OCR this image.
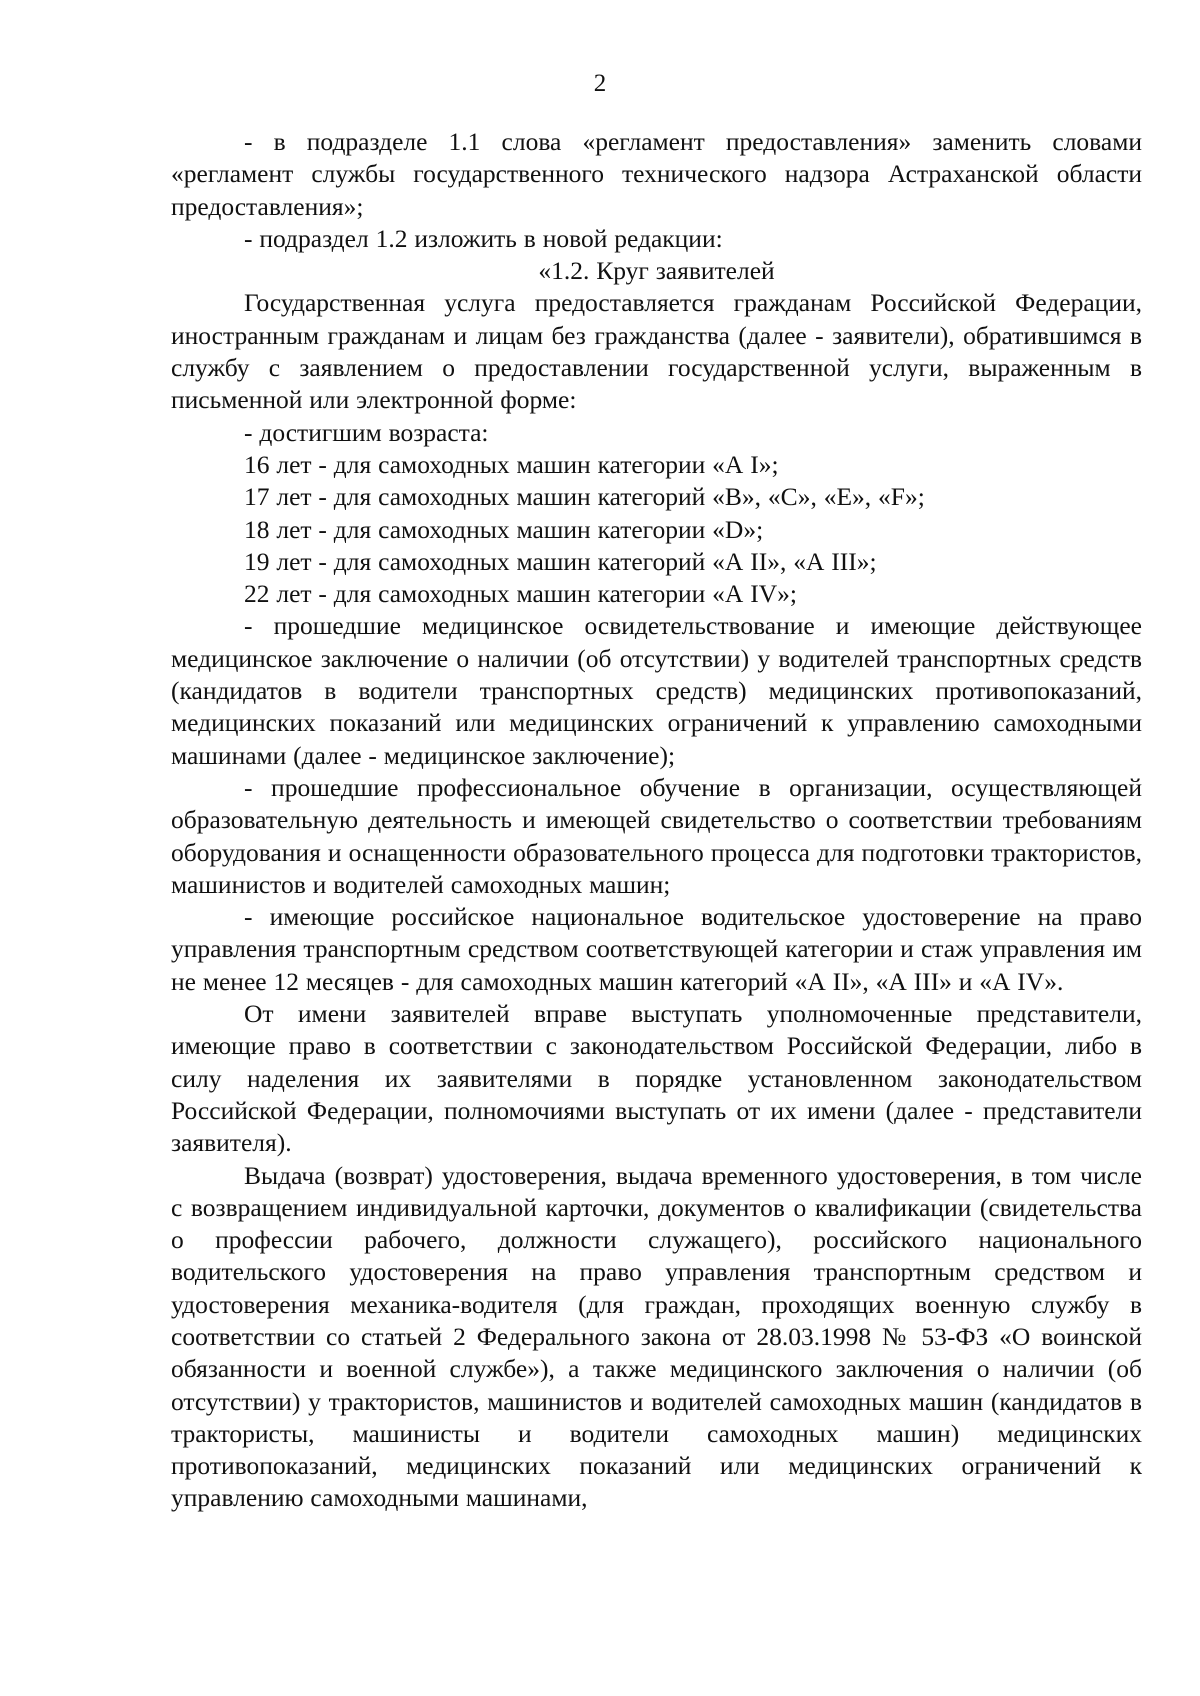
2

- в подразделе 1.1 слова «регламент предоставления» заменить словами «регламент службы государственного технического надзора Астраханской области предоставления»;

- подраздел 1.2 изложить в новой редакции:

«1.2. Круг заявителей

Государственная услуга предоставляется гражданам Российской Федерации, иностранным гражданам и лицам без гражданства (далее - заявители), обратившимся в службу с заявлением о предоставлении государственной услуги, выраженным в письменной или электронной форме:

- достигшим возраста:

16 лет - для самоходных машин категории «А I»;

17 лет - для самоходных машин категорий «В», «С», «Е», «F»;

18 лет - для самоходных машин категории «D»;

19 лет - для самоходных машин категорий «А II», «А III»;

22 лет - для самоходных машин категории «А IV»;

- прошедшие медицинское освидетельствование и имеющие действующее медицинское заключение о наличии (об отсутствии) у водителей транспортных средств (кандидатов в водители транспортных средств) медицинских противопоказаний, медицинских показаний или медицинских ограничений к управлению самоходными машинами (далее - медицинское заключение);

- прошедшие профессиональное обучение в организации, осуществляющей образовательную деятельность и имеющей свидетельство о соответствии требованиям оборудования и оснащенности образовательного процесса для подготовки трактористов, машинистов и водителей самоходных машин;

- имеющие российское национальное водительское удостоверение на право управления транспортным средством соответствующей категории и стаж управления им не менее 12 месяцев - для самоходных машин категорий «А II», «А III» и «А IV».

От имени заявителей вправе выступать уполномоченные представители, имеющие право в соответствии с законодательством Российской Федерации, либо в силу наделения их заявителями в порядке установленном законодательством Российской Федерации, полномочиями выступать от их имени (далее - представители заявителя).

Выдача (возврат) удостоверения, выдача временного удостоверения, в том числе с возвращением индивидуальной карточки, документов о квалификации (свидетельства о профессии рабочего, должности служащего), российского национального водительского удостоверения на право управления транспортным средством и удостоверения механика-водителя (для граждан, проходящих военную службу в соответствии со статьей 2 Федерального закона от 28.03.1998 № 53-ФЗ «О воинской обязанности и военной службе»), а также медицинского заключения о наличии (об отсутствии) у трактористов, машинистов и водителей самоходных машин (кандидатов в трактористы, машинисты и водители самоходных машин) медицинских противопоказаний, медицинских показаний или медицинских ограничений к управлению самоходными машинами,
